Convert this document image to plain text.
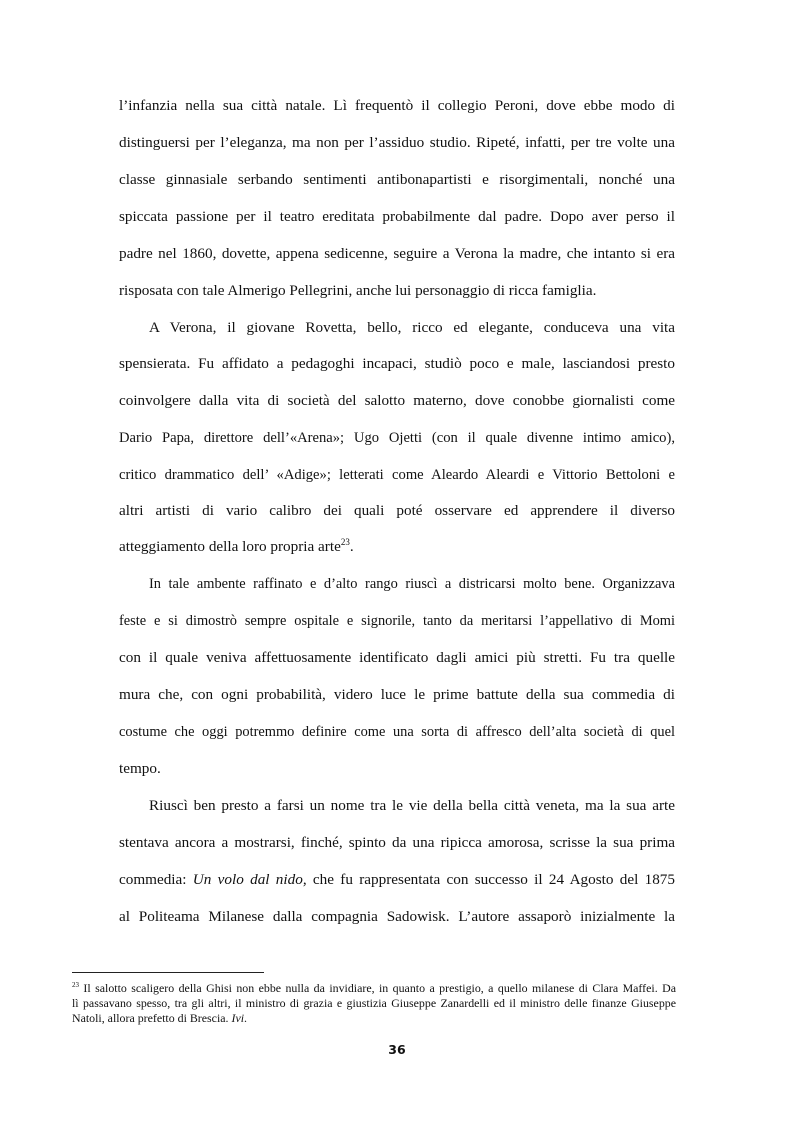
l’infanzia nella sua città natale. Lì frequentò il collegio Peroni, dove ebbe modo di
distinguersi per l’eleganza, ma non per l’assiduo studio. Ripeté, infatti, per tre volte una
classe ginnasiale serbando sentimenti antibonapartisti e risorgimentali, nonché una
spiccata passione per il teatro ereditata probabilmente dal padre. Dopo aver perso il
padre nel 1860, dovette, appena sedicenne, seguire a Verona la madre, che intanto si era
risposata con tale Almerigo Pellegrini, anche lui personaggio di ricca famiglia.
A Verona, il giovane Rovetta, bello, ricco ed elegante, conduceva una vita
spensierata. Fu affidato a pedagoghi incapaci, studiò poco e male, lasciandosi presto
coinvolgere dalla vita di società del salotto materno, dove conobbe giornalisti come
Dario Papa, direttore dell’«Arena»; Ugo Ojetti (con il quale divenne intimo amico),
critico drammatico dell’ «Adige»; letterati come Aleardo Aleardi e Vittorio Bettoloni e
altri artisti di vario calibro dei quali poté osservare ed apprendere il diverso
atteggiamento della loro propria arte$^{23}$.
In tale ambente raffinato e d’alto rango riuscì a districarsi molto bene. Organizzava
feste e si dimostrò sempre ospitale e signorile, tanto da meritarsi l’appellativo di Momi
con il quale veniva affettuosamente identificato dagli amici più stretti. Fu tra quelle
mura che, con ogni probabilità, videro luce le prime battute della sua commedia di
costume che oggi potremmo definire come una sorta di affresco dell’alta società di quel
tempo.
Riuscì ben presto a farsi un nome tra le vie della bella città veneta, ma la sua arte
stentava ancora a mostrarsi, finché, spinto da una ripicca amorosa, scrisse la sua prima
commedia: Un volo dal nido, che fu rappresentata con successo il 24 Agosto del 1875
al Politeama Milanese dalla compagnia Sadowisk. L’autore assaporò inizialmente la
$^{23}$ Il salotto scaligero della Ghisi non ebbe nulla da invidiare, in quanto a prestigio, a quello milanese di Clara Maffei. Da
lì passavano spesso, tra gli altri, il ministro di grazia e giustizia Giuseppe Zanardelli ed il ministro delle finanze Giuseppe
Natoli, allora prefetto di Brescia. Ivi.
36
